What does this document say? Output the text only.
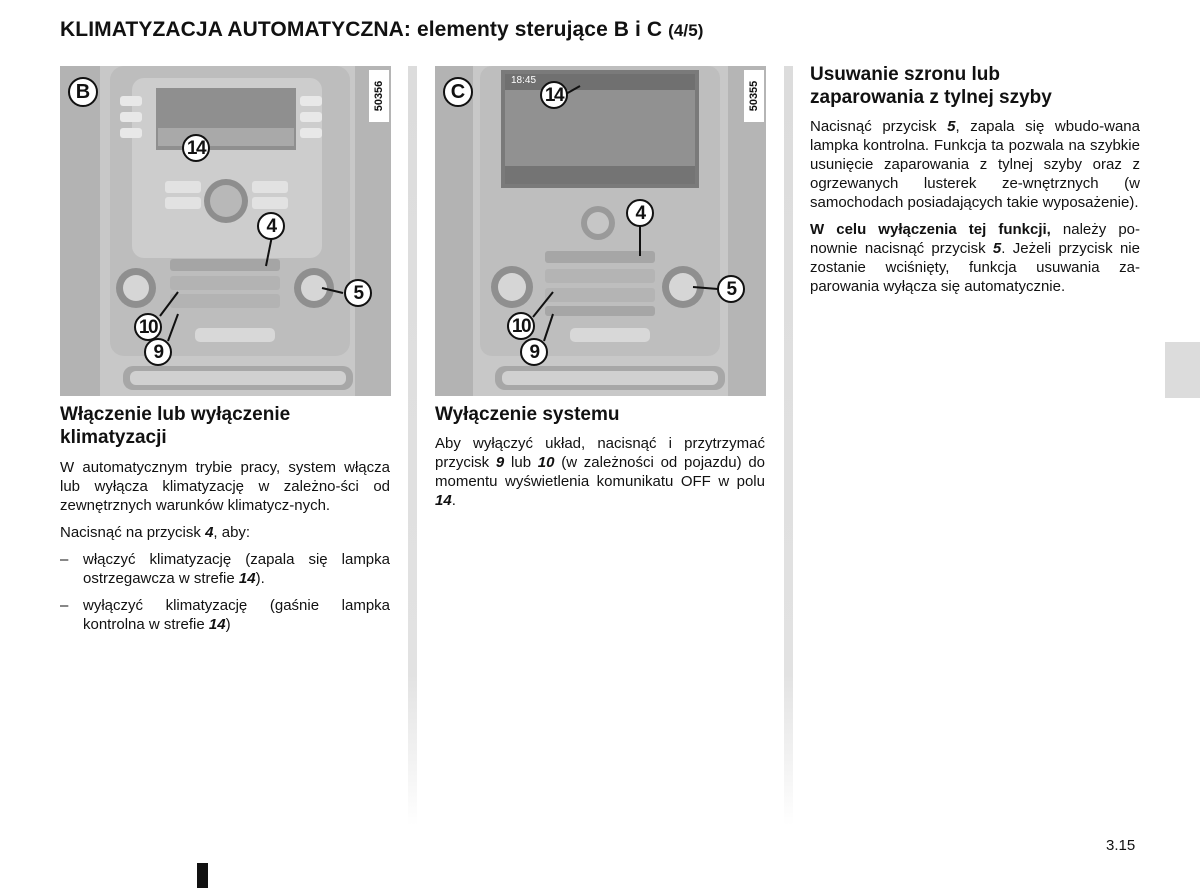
KLIMATYZACJA AUTOMATYCZNA: elementy sterujące B i C (4/5)
50356
B
14
4
5
10
9
18:45
50355
C	14
4
5
10
9
Włączenie lub wyłączenie klimatyzacji

W automatycznym trybie pracy, system włącza lub wyłącza klimatyzację w zależno-ści od zewnętrznych warunków klimatycz-nych.

Nacisnąć na przycisk 4, aby:

– włączyć klimatyzację (zapala się lampka ostrzegawcza w strefie 14).
– wyłączyć klimatyzację (gaśnie lampka kontrolna w strefie 14)
Wyłączenie systemu

Aby wyłączyć układ, nacisnąć i przytrzymać przycisk 9 lub 10 (w zależności od pojazdu) do momentu wyświetlenia komunikatu OFF w polu 14.

Usuwanie szronu lub zaparowania z tylnej szyby

Nacisnąć przycisk 5, zapala się wbudo-wana lampka kontrolna. Funkcja ta pozwala na szybkie usunięcie zaparowania z tylnej szyby oraz z ogrzewanych lusterek ze-wnętrznych (w samochodach posiadających takie wyposażenie).

W celu wyłączenia tej funkcji, należy po-nownie nacisnąć przycisk 5. Jeżeli przycisk nie zostanie wciśnięty, funkcja usuwania za-parowania wyłącza się automatycznie.

3.15
